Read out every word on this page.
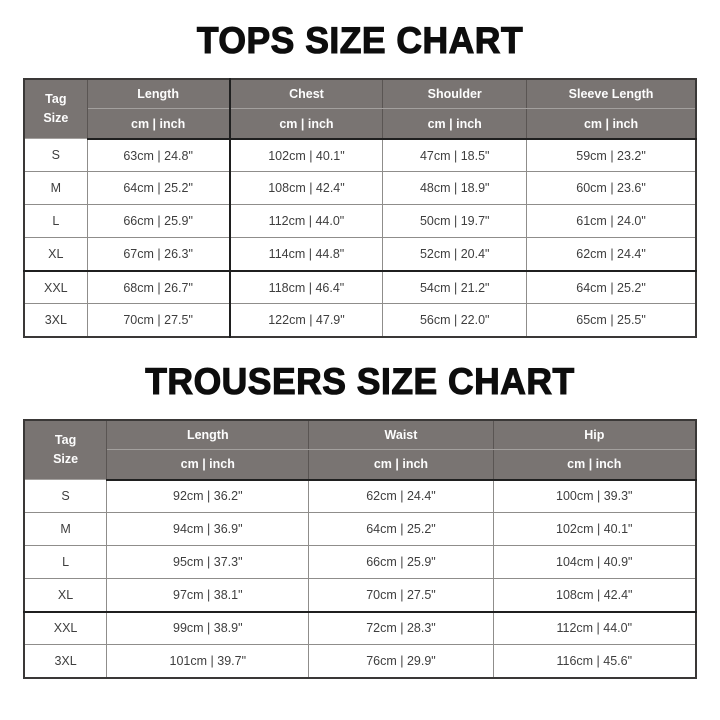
TOPS SIZE CHART
Tag
Size	Length	Chest	Shoulder	Sleeve Length
	cm | inch	cm | inch	cm | inch	cm | inch
S	63cm | 24.8"	102cm | 40.1"	47cm | 18.5"	59cm | 23.2"
M	64cm | 25.2"	108cm | 42.4"	48cm | 18.9"	60cm | 23.6"
L	66cm | 25.9"	112cm | 44.0"	50cm | 19.7"	61cm | 24.0"
XL	67cm | 26.3"	114cm | 44.8"	52cm | 20.4"	62cm | 24.4"
XXL	68cm | 26.7"	118cm | 46.4"	54cm | 21.2"	64cm | 25.2"
3XL	70cm | 27.5"	122cm | 47.9"	56cm | 22.0"	65cm | 25.5"
TROUSERS SIZE CHART
Tag
Size	Length	Waist	Hip
	cm | inch	cm | inch	cm | inch
S	92cm | 36.2"	62cm | 24.4"	100cm | 39.3"
M	94cm | 36.9"	64cm | 25.2"	102cm | 40.1"
L	95cm | 37.3"	66cm | 25.9"	104cm | 40.9"
XL	97cm | 38.1"	70cm | 27.5"	108cm | 42.4"
XXL	99cm | 38.9"	72cm | 28.3"	112cm | 44.0"
3XL	101cm | 39.7"	76cm | 29.9"	116cm | 45.6"
